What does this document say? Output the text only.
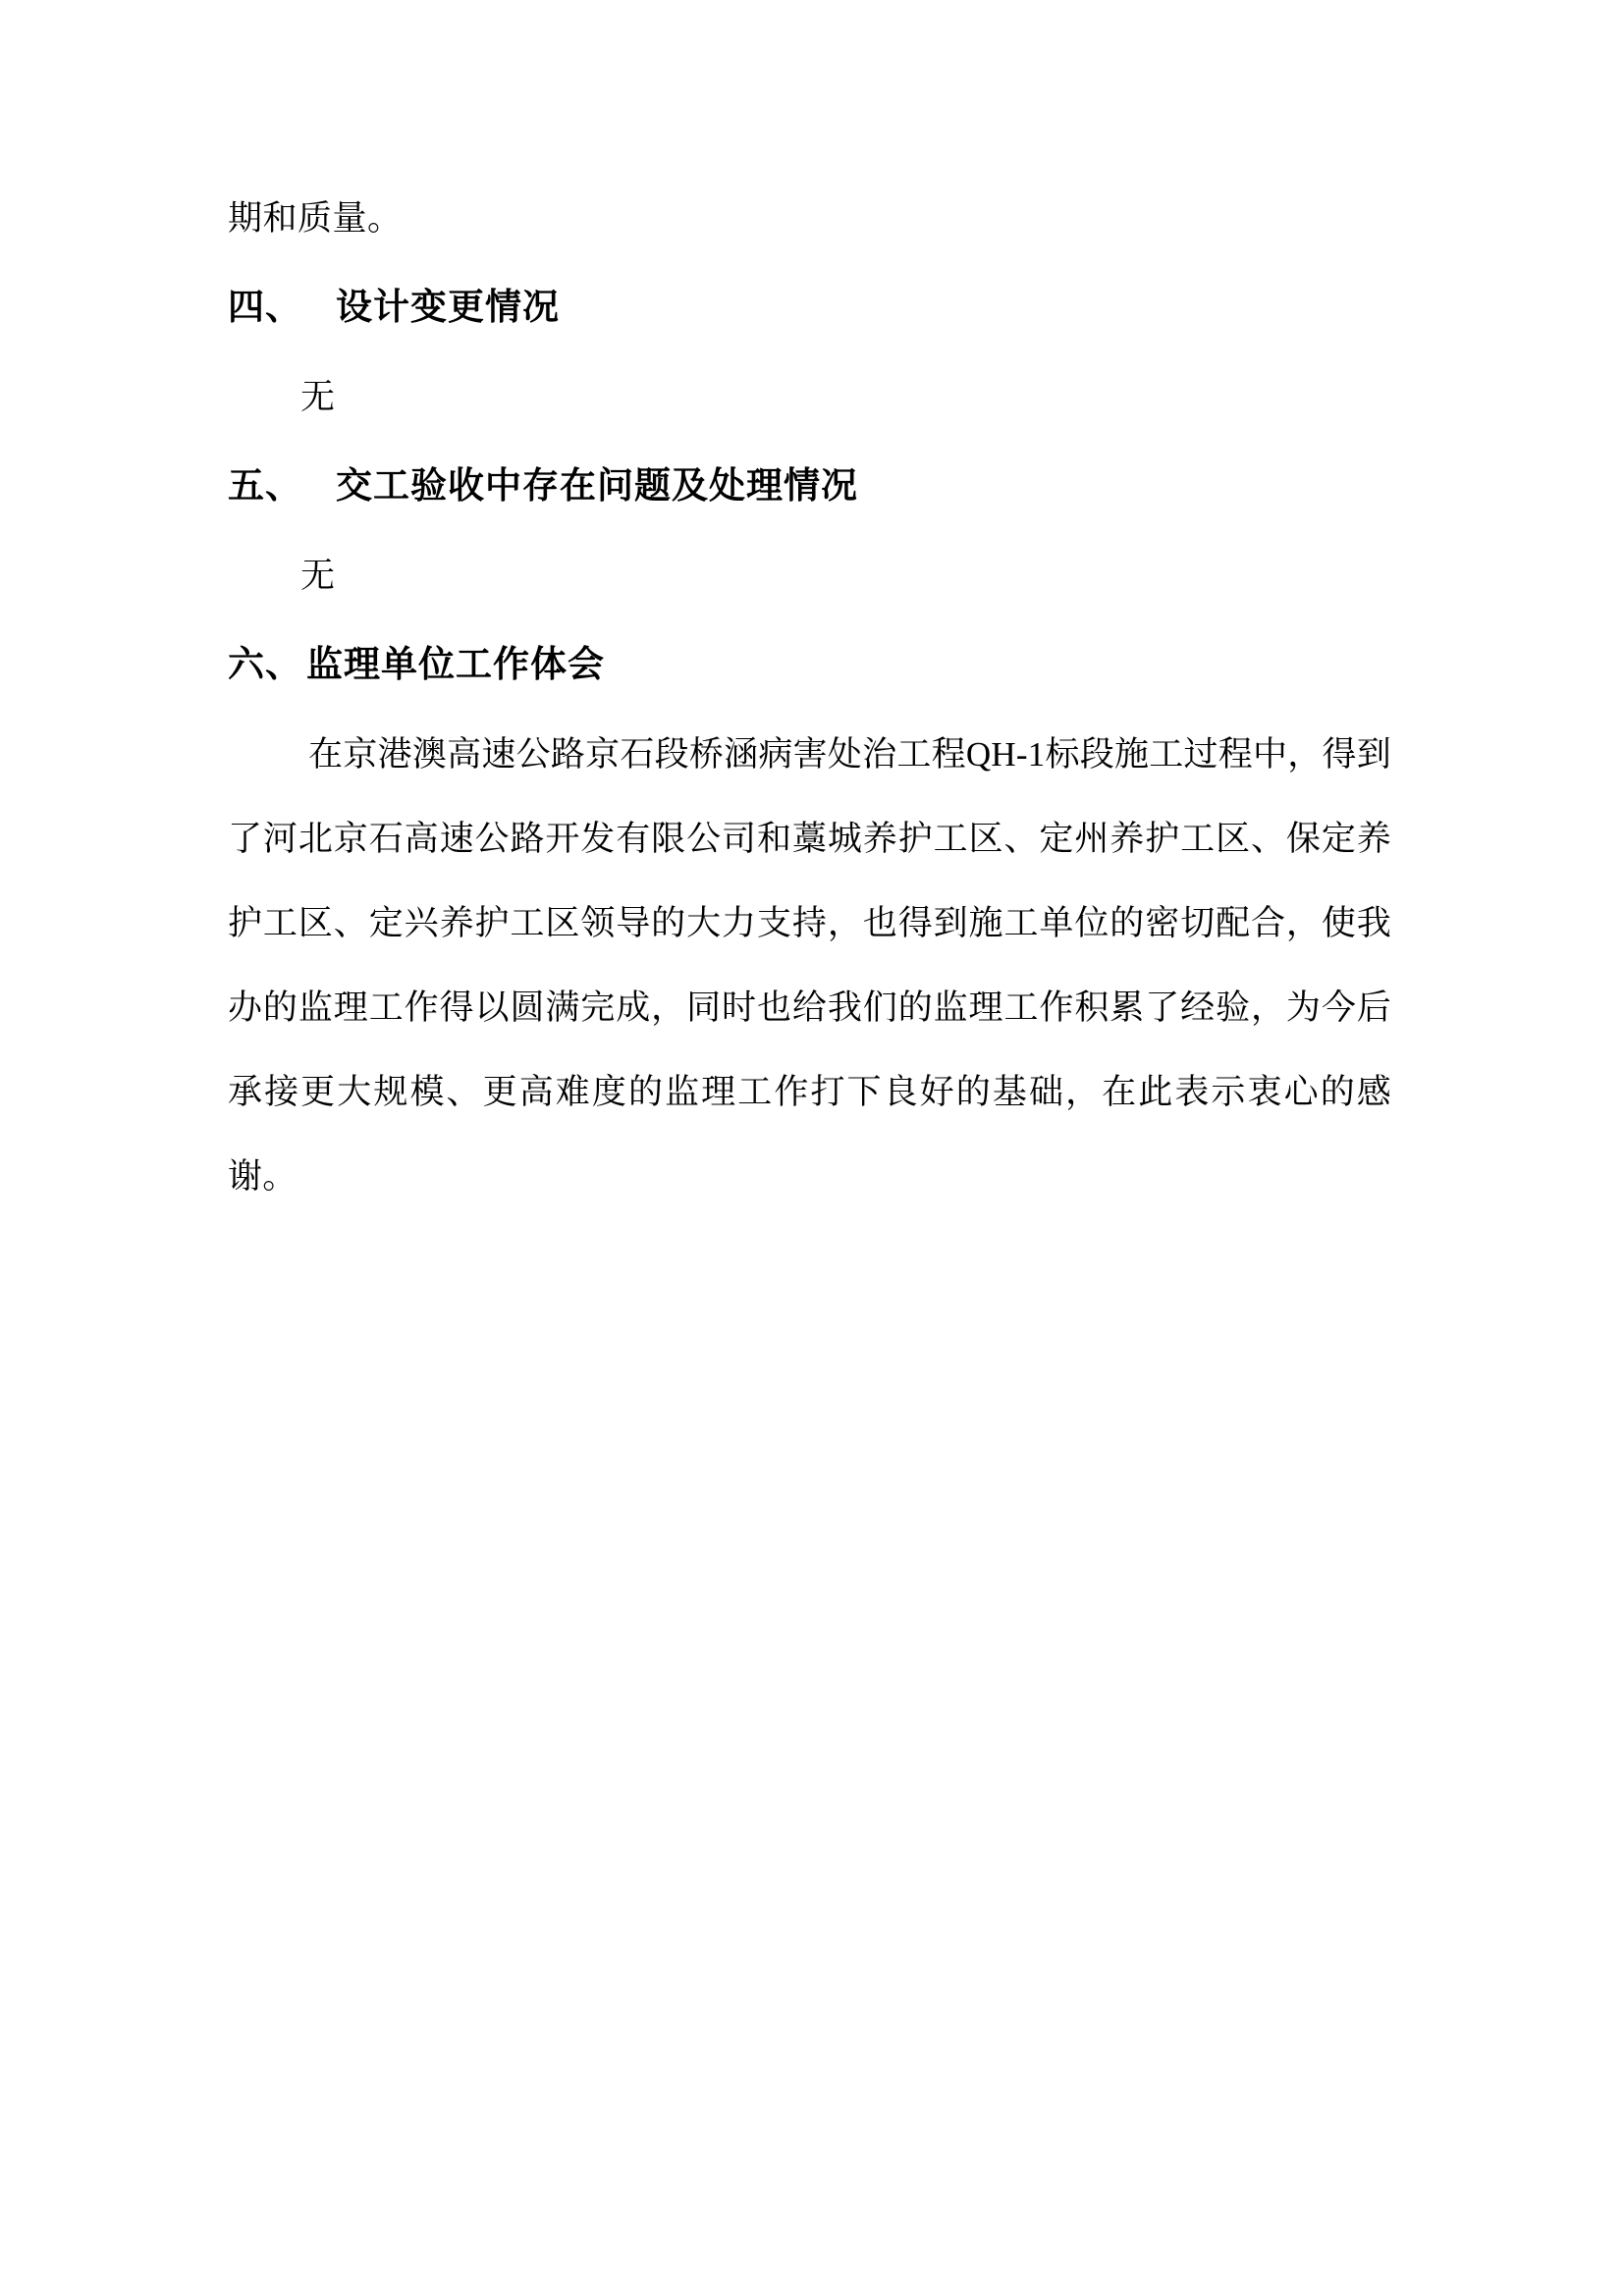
期和质量。
四、 设计变更情况
无
五、 交工验收中存在问题及处理情况
无
六、 监理单位工作体会
在京港澳高速公路京石段桥涵病害处治工程QH-1标段施工过程中，得到了河北京石高速公路开发有限公司和藁城养护工区、定州养护工区、保定养护工区、定兴养护工区领导的大力支持，也得到施工单位的密切配合，使我办的监理工作得以圆满完成，同时也给我们的监理工作积累了经验，为今后承接更大规模、更高难度的监理工作打下良好的基础，在此表示衷心的感谢。
